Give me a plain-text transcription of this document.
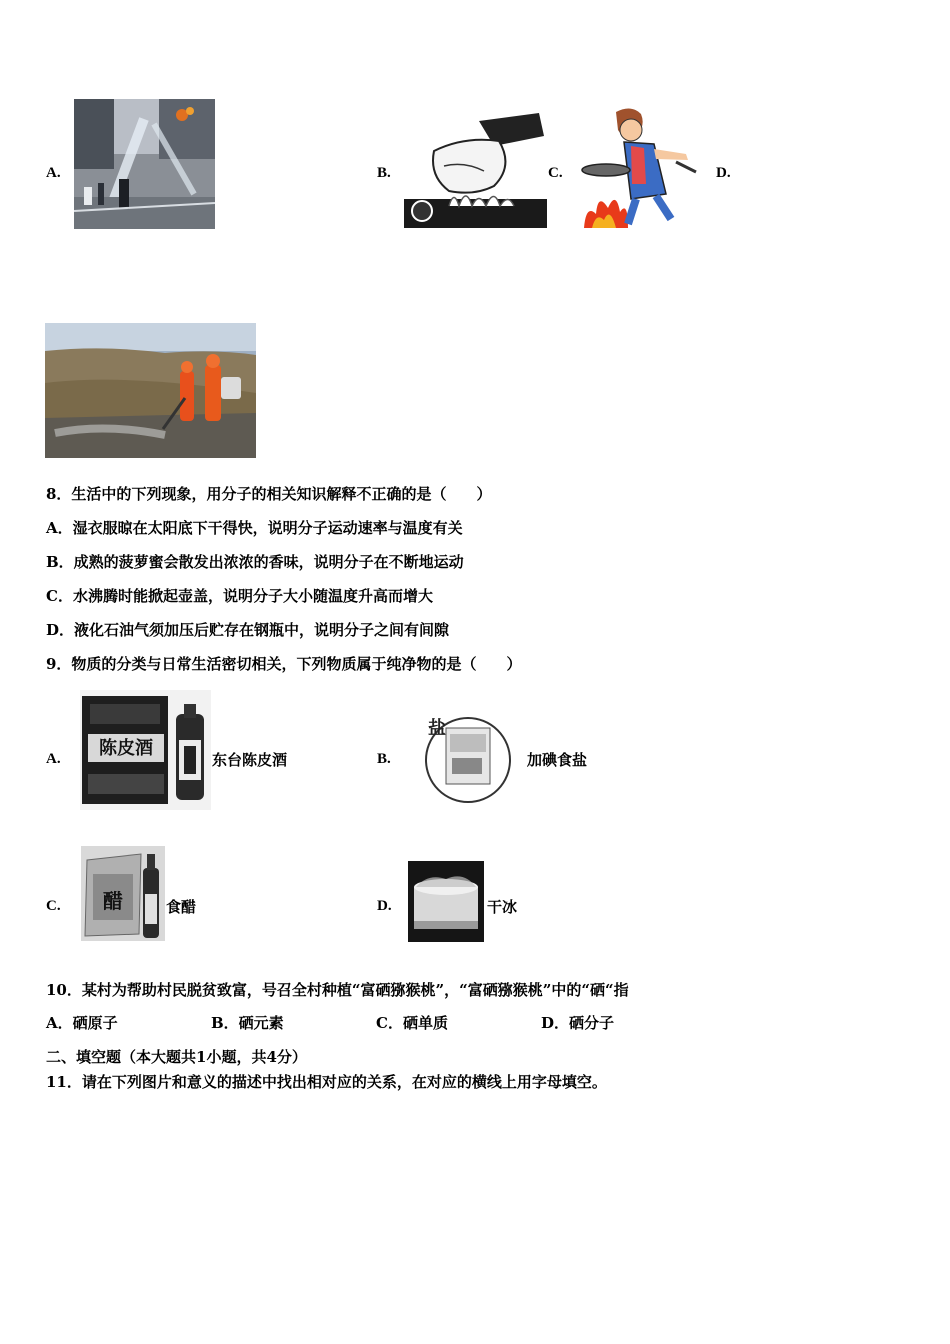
A.	B.	C.	D.
8．生活中的下列现象，用分子的相关知识解释不正确的是（　　）
A．湿衣服晾在太阳底下干得快，说明分子运动速率与温度有关
B．成熟的菠萝蜜会散发出浓浓的香味，说明分子在不断地运动
C．水沸腾时能掀起壶盖，说明分子大小随温度升高而增大
D．液化石油气须加压后贮存在钢瓶中，说明分子之间有间隙
9．物质的分类与日常生活密切相关，下列物质属于纯净物的是（　　）
A. 陈皮酒
东台陈皮酒	B.
盐
加碘食盐
C. 醋	食醋	D.	干冰
10．某村为帮助村民脱贫致富，号召全村种植“富硒猕猴桃”，“富硒猕猴桃”中的“硒“指
A．硒原子	B．硒元素	C．硒单质	D．硒分子
二、填空题（本大题共1小题，共4分）
11．请在下列图片和意义的描述中找出相对应的关系，在对应的横线上用字母填空。
